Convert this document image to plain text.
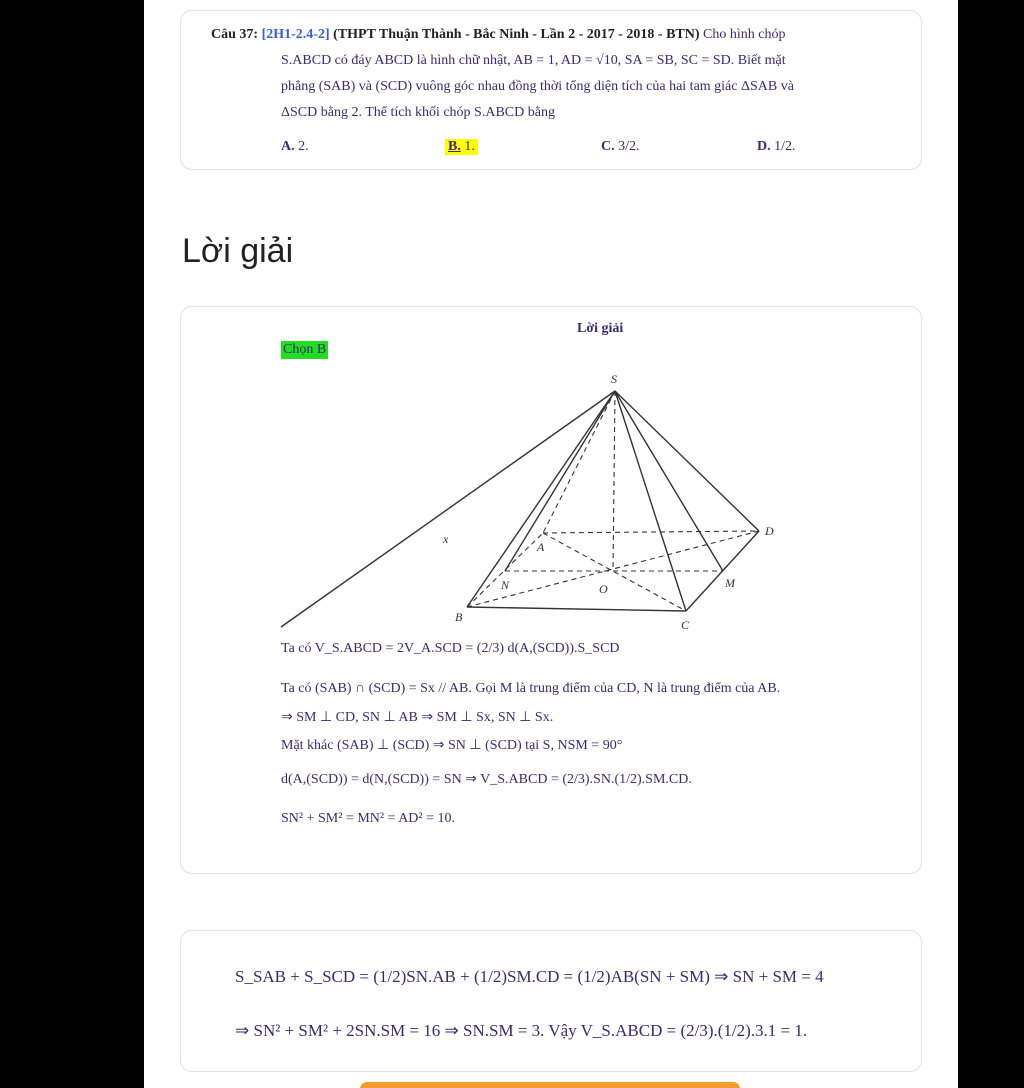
Câu 37: [2H1-2.4-2] (THPT Thuận Thành - Bắc Ninh - Lần 2 - 2017 - 2018 - BTN) Cho hình chóp
S.ABCD có đáy ABCD là hình chữ nhật, AB = 1, AD = √10, SA = SB, SC = SD. Biết mặt
phẳng (SAB) và (SCD) vuông góc nhau đồng thời tổng diện tích của hai tam giác ΔSAB và
ΔSCD bằng 2. Thể tích khối chóp S.ABCD bằng
A. 2.	B. 1.	C. 3/2.	D. 1/2.
Lời giải
Lời giải
Chọn B
S
A
B
C
D
M
N	O
x
Ta có V_S.ABCD = 2V_A.SCD = (2/3) d(A,(SCD)).S_SCD
Ta có (SAB) ∩ (SCD) = Sx // AB. Gọi M là trung điểm của CD, N là trung điểm của AB.
⇒ SM ⊥ CD, SN ⊥ AB ⇒ SM ⊥ Sx, SN ⊥ Sx.
Mặt khác (SAB) ⊥ (SCD) ⇒ SN ⊥ (SCD) tại S, NSM = 90°
d(A,(SCD)) = d(N,(SCD)) = SN ⇒ V_S.ABCD = (2/3).SN.(1/2).SM.CD.
SN² + SM² = MN² = AD² = 10.
S_SAB + S_SCD = (1/2)SN.AB + (1/2)SM.CD = (1/2)AB(SN + SM) ⇒ SN + SM = 4
⇒ SN² + SM² + 2SN.SM = 16 ⇒ SN.SM = 3. Vậy V_S.ABCD = (2/3).(1/2).3.1 = 1.
